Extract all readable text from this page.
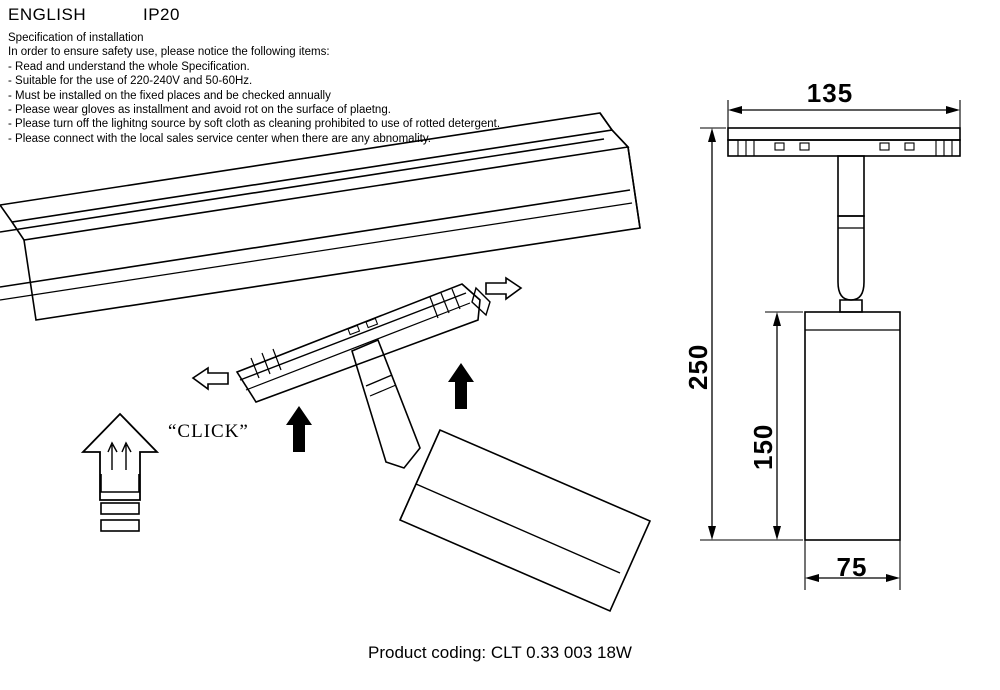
ENGLISH	IP20
Specification of installation
In order to ensure safety use, please notice the following items:
- Read and understand the whole Specification.
- Suitable for the use of 220-240V and 50-60Hz.
- Must be installed on the fixed places and be checked annually
- Please wear gloves as installment and avoid rot on the surface of plaetng.
- Please turn off the lighitng source by soft cloth as cleaning prohibited to use of rotted detergent.
- Please connect with the local sales service center when there are any abnomality.
135
250
150
75
“CLICK”
Product coding: CLT 0.33 003 18W
